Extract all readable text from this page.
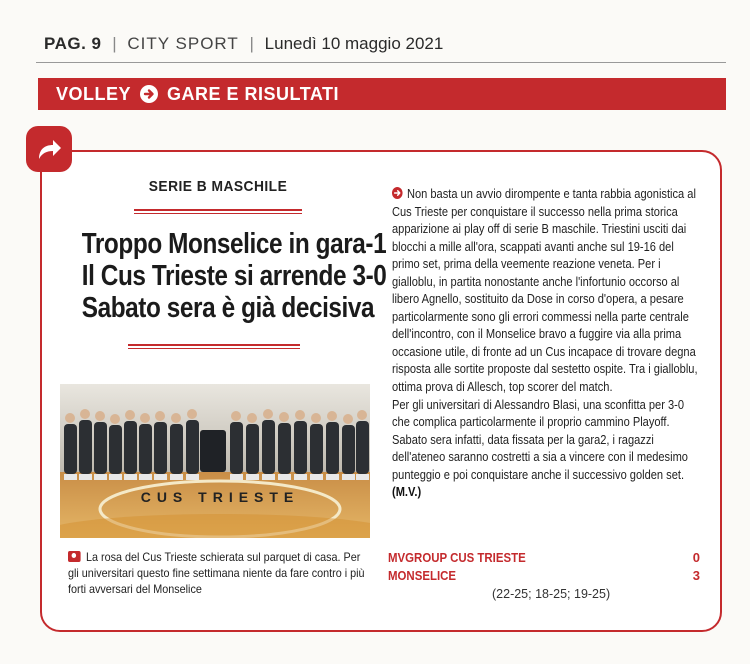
PAG. 9 | CITY SPORT | Lunedì 10 maggio 2021
VOLLEY GARE E RISULTATI
SERIE B MASCHILE
Troppo Monselice in gara-1
Il Cus Trieste si arrende 3-0
Sabato sera è già decisiva
CUS TRIESTE
La rosa del Cus Trieste schierata sul parquet di casa. Per gli universitari questo fine settimana niente da fare contro i più forti avversari del Monselice

Non basta un avvio dirompente e tanta rabbia agonistica al Cus Trieste per conquistare il successo nella prima storica apparizione ai play off di serie B maschile. Triestini usciti dai blocchi a mille all'ora, scappati avanti anche sul 19-16 del primo set, prima della veemente reazione veneta. Per i gialloblu, in partita nonostante anche l'infortunio occorso al libero Agnello, sostituito da Dose in corso d'opera, a pesare particolarmente sono gli errori commessi nella parte centrale dell'incontro, con il Monselice bravo a fuggire via alla prima occasione utile, di fronte ad un Cus incapace di trovare degna risposta alle sortite proposte dal sestetto ospite. Tra i gialloblu, ottima prova di Allesch, top scorer del match.

Per gli universitari di Alessandro Blasi, una sconfitta per 3-0 che complica particolarmente il proprio cammino Playoff. Sabato sera infatti, data fissata per la gara2, i ragazzi dell'ateneo saranno costretti a sia a vincere con il medesimo punteggio e poi conquistare anche il successivo golden set. (M.V.)

MVGROUP CUS TRIESTE	0
MONSELICE	3
(22-25; 18-25; 19-25)
